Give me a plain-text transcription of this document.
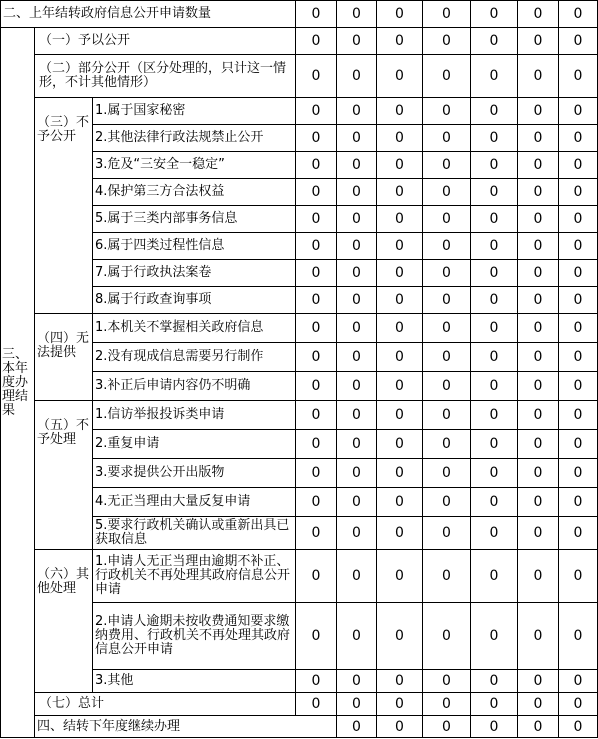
二、上年结转政府信息公开申请数量			0	0	0	0	0	0	0	
三、本年度办理结果	（一）予以公开		0	0	0	0	0	0	0	
	（二）部分公开（区分处理的，只计这一情形，不计其他情形）		0	0	0	0	0	0	0	
	（三）不予公开	1.属于国家秘密	0	0	0	0	0	0	0	
		2.其他法律行政法规禁止公开	0	0	0	0	0	0	0	
		3.危及“三安全一稳定”	0	0	0	0	0	0	0	
		4.保护第三方合法权益	0	0	0	0	0	0	0	
		5.属于三类内部事务信息	0	0	0	0	0	0	0	
		6.属于四类过程性信息	0	0	0	0	0	0	0	
		7.属于行政执法案卷	0	0	0	0	0	0	0	
		8.属于行政查询事项	0	0	0	0	0	0	0	
	（四）无法提供	1.本机关不掌握相关政府信息	0	0	0	0	0	0	0	
		2.没有现成信息需要另行制作	0	0	0	0	0	0	0	
		3.补正后申请内容仍不明确	0	0	0	0	0	0	0	
	（五）不予处理	1.信访举报投诉类申请	0	0	0	0	0	0	0	
		2.重复申请	0	0	0	0	0	0	0	
		3.要求提供公开出版物	0	0	0	0	0	0	0	
		4.无正当理由大量反复申请	0	0	0	0	0	0	0	
		5.要求行政机关确认或重新出具已获取信息	0	0	0	0	0	0	0	
	（六）其他处理	1.申请人无正当理由逾期不补正、行政机关不再处理其政府信息公开申请	0	0	0	0	0	0	0	
		2.申请人逾期未按收费通知要求缴纳费用、行政机关不再处理其政府信息公开申请	0	0	0	0	0	0	0	
		3.其他	0	0	0	0	0	0	0	
	（七）总计		0	0	0	0	0	0	0	
	四、结转下年度继续办理			0	0	0	0	0	0	
